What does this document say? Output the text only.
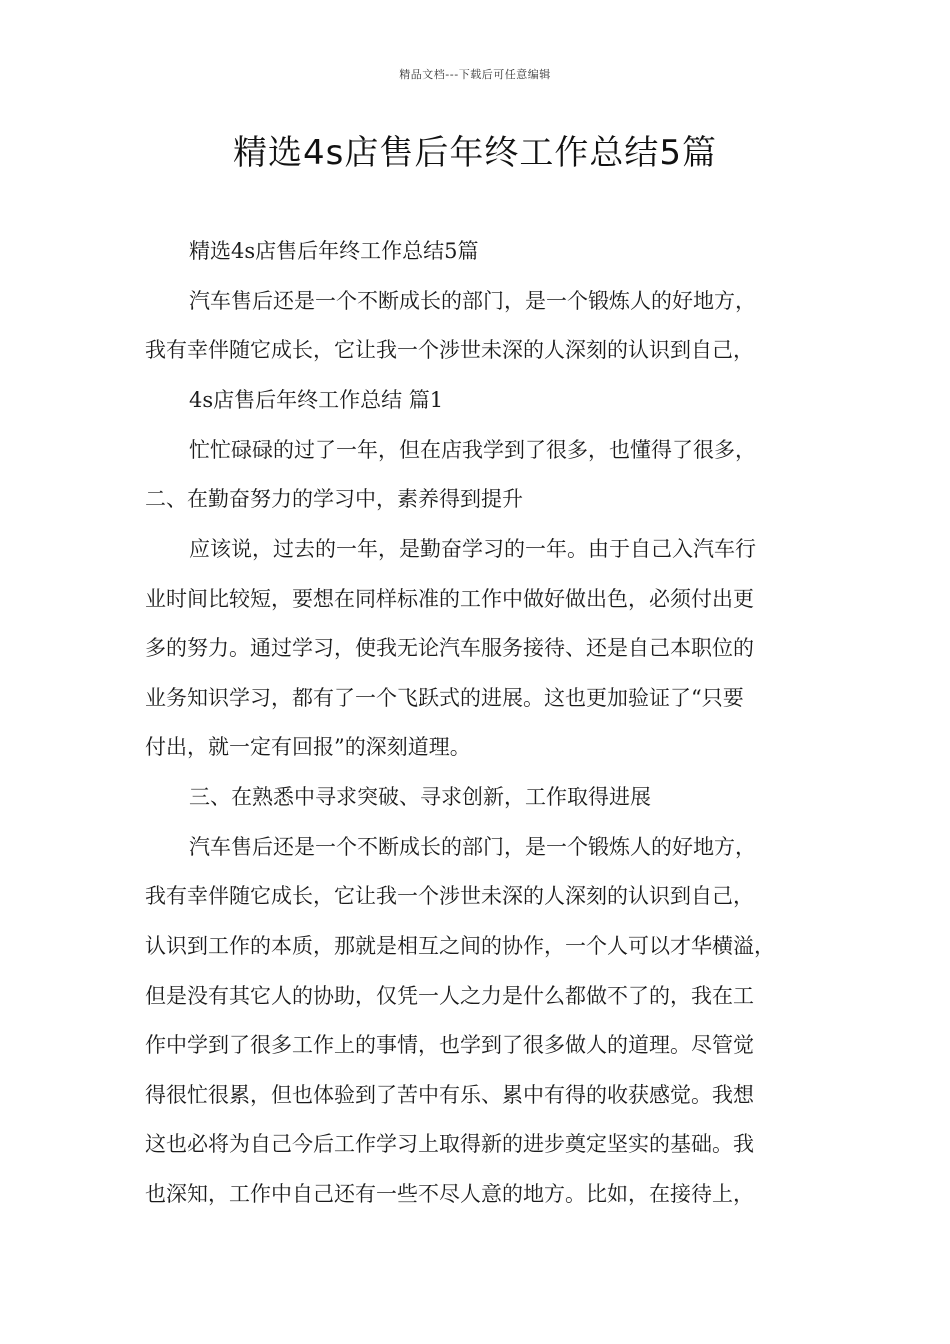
精品文档---下载后可任意编辑
精选4s店售后年终工作总结5篇
精选4s店售后年终工作总结5篇
汽车售后还是一个不断成长的部门，是一个锻炼人的好地方，
我有幸伴随它成长，它让我一个涉世未深的人深刻的认识到自己，
4s店售后年终工作总结 篇1
忙忙碌碌的过了一年，但在店我学到了很多，也懂得了很多，
二、在勤奋努力的学习中，素养得到提升
应该说，过去的一年，是勤奋学习的一年。由于自己入汽车行
业时间比较短，要想在同样标准的工作中做好做出色，必须付出更
多的努力。通过学习，使我无论汽车服务接待、还是自己本职位的
业务知识学习，都有了一个飞跃式的进展。这也更加验证了“只要
付出，就一定有回报”的深刻道理。
三、在熟悉中寻求突破、寻求创新，工作取得进展
汽车售后还是一个不断成长的部门，是一个锻炼人的好地方，
我有幸伴随它成长，它让我一个涉世未深的人深刻的认识到自己，
认识到工作的本质，那就是相互之间的协作，一个人可以才华横溢，
但是没有其它人的协助，仅凭一人之力是什么都做不了的，我在工
作中学到了很多工作上的事情，也学到了很多做人的道理。尽管觉
得很忙很累，但也体验到了苦中有乐、累中有得的收获感觉。我想
这也必将为自己今后工作学习上取得新的进步奠定坚实的基础。我
也深知，工作中自己还有一些不尽人意的地方。比如，在接待上，
